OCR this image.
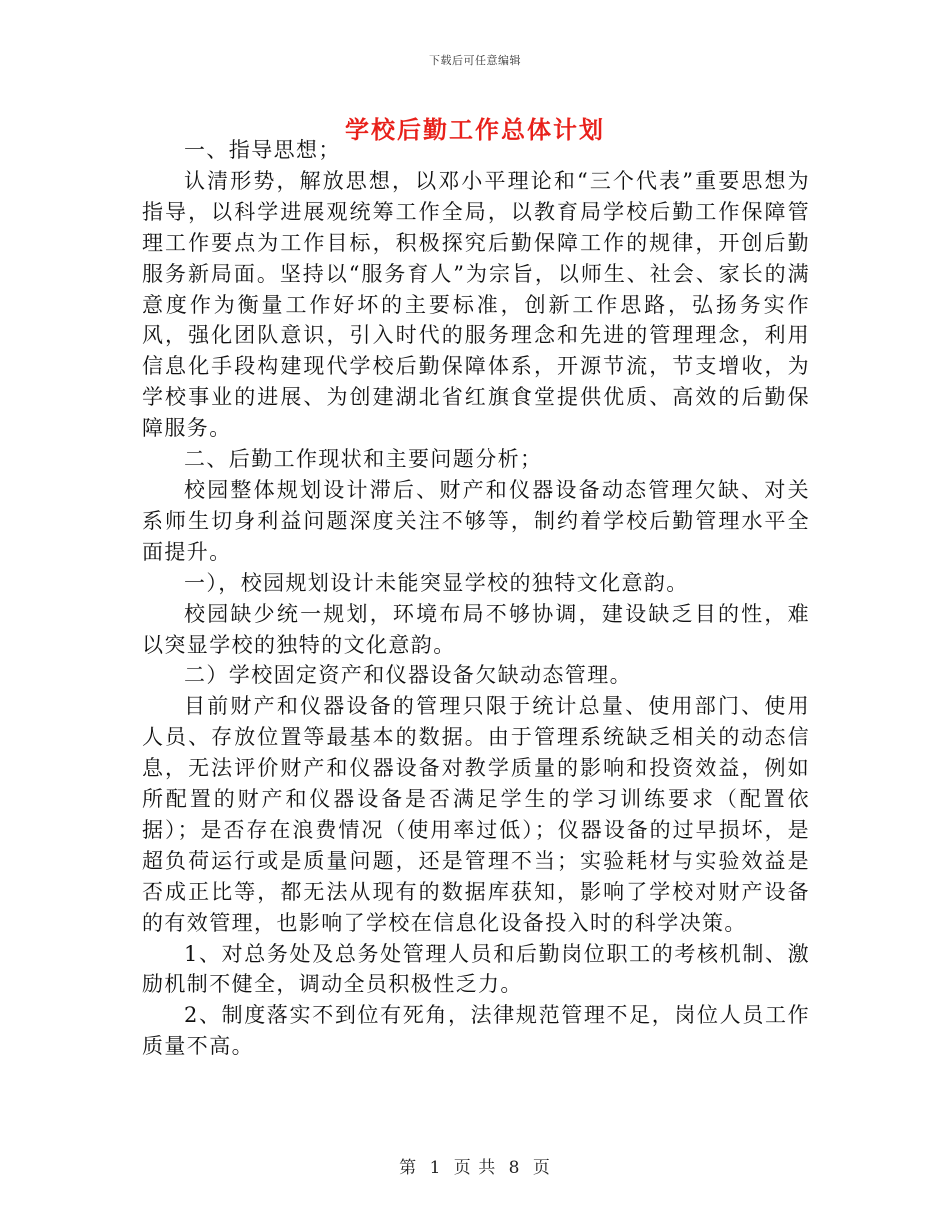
下载后可任意编辑
学校后勤工作总体计划

一、指导思想；

认清形势，解放思想，以邓小平理论和“三个代表”重要思想为指导，以科学进展观统筹工作全局，以教育局学校后勤工作保障管理工作要点为工作目标，积极探究后勤保障工作的规律，开创后勤服务新局面。坚持以“服务育人”为宗旨，以师生、社会、家长的满意度作为衡量工作好坏的主要标准，创新工作思路，弘扬务实作风，强化团队意识，引入时代的服务理念和先进的管理理念，利用信息化手段构建现代学校后勤保障体系，开源节流，节支增收，为学校事业的进展、为创建湖北省红旗食堂提供优质、高效的后勤保障服务。

二、后勤工作现状和主要问题分析；

校园整体规划设计滞后、财产和仪器设备动态管理欠缺、对关系师生切身利益问题深度关注不够等，制约着学校后勤管理水平全面提升。

一），校园规划设计未能突显学校的独特文化意韵。

校园缺少统一规划，环境布局不够协调，建设缺乏目的性，难以突显学校的独特的文化意韵。

二）学校固定资产和仪器设备欠缺动态管理。

目前财产和仪器设备的管理只限于统计总量、使用部门、使用人员、存放位置等最基本的数据。由于管理系统缺乏相关的动态信息，无法评价财产和仪器设备对教学质量的影响和投资效益，例如所配置的财产和仪器设备是否满足学生的学习训练要求（配置依据）；是否存在浪费情况（使用率过低）；仪器设备的过早损坏，是超负荷运行或是质量问题，还是管理不当；实验耗材与实验效益是否成正比等，都无法从现有的数据库获知，影响了学校对财产设备的有效管理，也影响了学校在信息化设备投入时的科学决策。

1、对总务处及总务处管理人员和后勤岗位职工的考核机制、激励机制不健全，调动全员积极性乏力。

2、制度落实不到位有死角，法律规范管理不足，岗位人员工作质量不高。

第 1 页 共 8 页
